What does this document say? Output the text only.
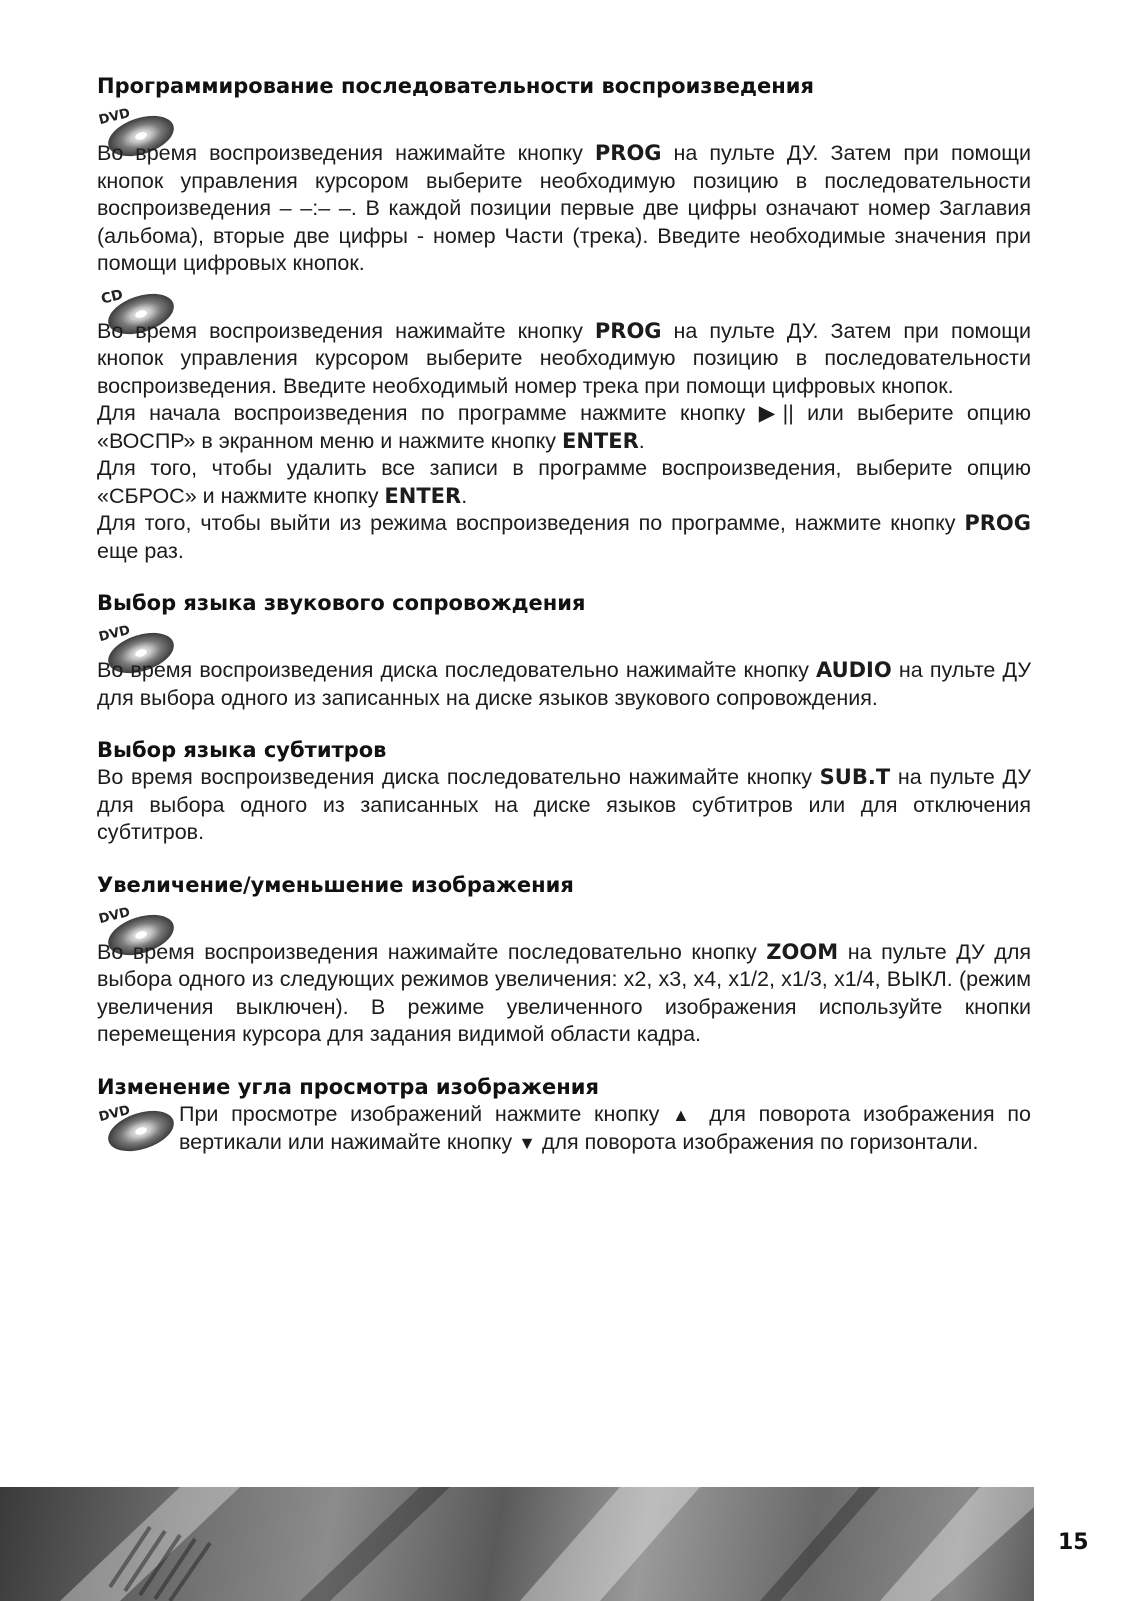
Программирование последовательности воспроизведения

DVD
Во время воспроизведения нажимайте кнопку PROG на пульте ДУ. Затем при помощи кнопок управления курсором выберите необходимую позицию в последовательности воспроизведения – –:– –. В каждой позиции первые две цифры означают номер Заглавия (альбома), вторые две цифры - номер Части (трека). Введите необходимые значения при помощи цифровых кнопок.

CD
Во время воспроизведения нажимайте кнопку PROG на пульте ДУ. Затем при помощи кнопок управления курсором выберите необходимую позицию в последовательности воспроизведения. Введите необходимый номер трека при помощи цифровых кнопок.

Для начала воспроизведения по программе нажмите кнопку ▶|| или выберите опцию «ВОСПР» в экранном меню и нажмите кнопку ENTER.

Для того, чтобы удалить все записи в программе воспроизведения, выберите опцию «СБРОС» и нажмите кнопку ENTER.

Для того, чтобы выйти из режима воспроизведения по программе, нажмите кнопку PROG еще раз.

Выбор языка звукового сопровождения

DVD
Во время воспроизведения диска последовательно нажимайте кнопку AUDIO на пульте ДУ для выбора одного из записанных на диске языков звукового сопровождения.

Выбор языка субтитров

Во время воспроизведения диска последовательно нажимайте кнопку SUB.T на пульте ДУ для выбора одного из записанных на диске языков субтитров или для отключения субтитров.

Увеличение/уменьшение изображения

DVD
Во время воспроизведения нажимайте последовательно кнопку ZOOM на пульте ДУ для выбора одного из следующих режимов увеличения: x2, x3, x4, x1/2, x1/3, x1/4, ВЫКЛ. (режим увеличения выключен). В режиме увеличенного изображения используйте кнопки перемещения курсора для задания видимой области кадра.

Изменение угла просмотра изображения

DVD При просмотре изображений нажмите кнопку ▲ для поворота изображения по вертикали или нажимайте кнопку ▼ для поворота изображения по горизонтали.

15
